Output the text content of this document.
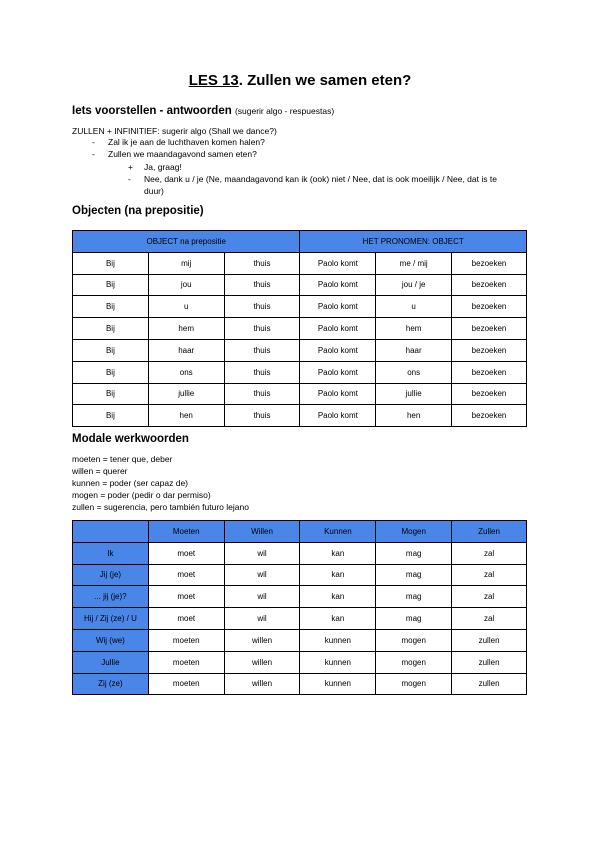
LES 13. Zullen we samen eten?
Iets voorstellen - antwoorden (sugerir algo - respuestas)
ZULLEN + INFINITIEF: sugerir algo (Shall we dance?)
- Zal ik je aan de luchthaven komen halen?
- Zullen we maandagavond samen eten?
+ Ja, graag!
- Nee, dank u / je (Ne, maandagavond kan ik (ook) niet / Nee, dat is ook moeilijk / Nee, dat is te
duur)
Objecten (na prepositie)
OBJECT na prepositie			HET PRONOMEN: OBJECT		
Bij	mij	thuis	Paolo komt	me / mij	bezoeken
Bij	jou	thuis	Paolo komt	jou / je	bezoeken
Bij	u	thuis	Paolo komt	u	bezoeken
Bij	hem	thuis	Paolo komt	hem	bezoeken
Bij	haar	thuis	Paolo komt	haar	bezoeken
Bij	ons	thuis	Paolo komt	ons	bezoeken
Bij	jullie	thuis	Paolo komt	jullie	bezoeken
Bij	hen	thuis	Paolo komt	hen	bezoeken
Modale werkwoorden
moeten = tener que, deber
willen = querer
kunnen = poder (ser capaz de)
mogen = poder (pedir o dar permiso)
zullen = sugerencia, pero también futuro lejano
	Moeten	Willen	Kunnen	Mogen	Zullen
Ik	moet	wil	kan	mag	zal
Jij (je)	moet	wil	kan	mag	zal
... jij (je)?	moet	wil	kan	mag	zal
Hij / Zij (ze) / U	moet	wil	kan	mag	zal
Wij (we)	moeten	willen	kunnen	mogen	zullen
Jullie	moeten	willen	kunnen	mogen	zullen
Zij (ze)	moeten	willen	kunnen	mogen	zullen
